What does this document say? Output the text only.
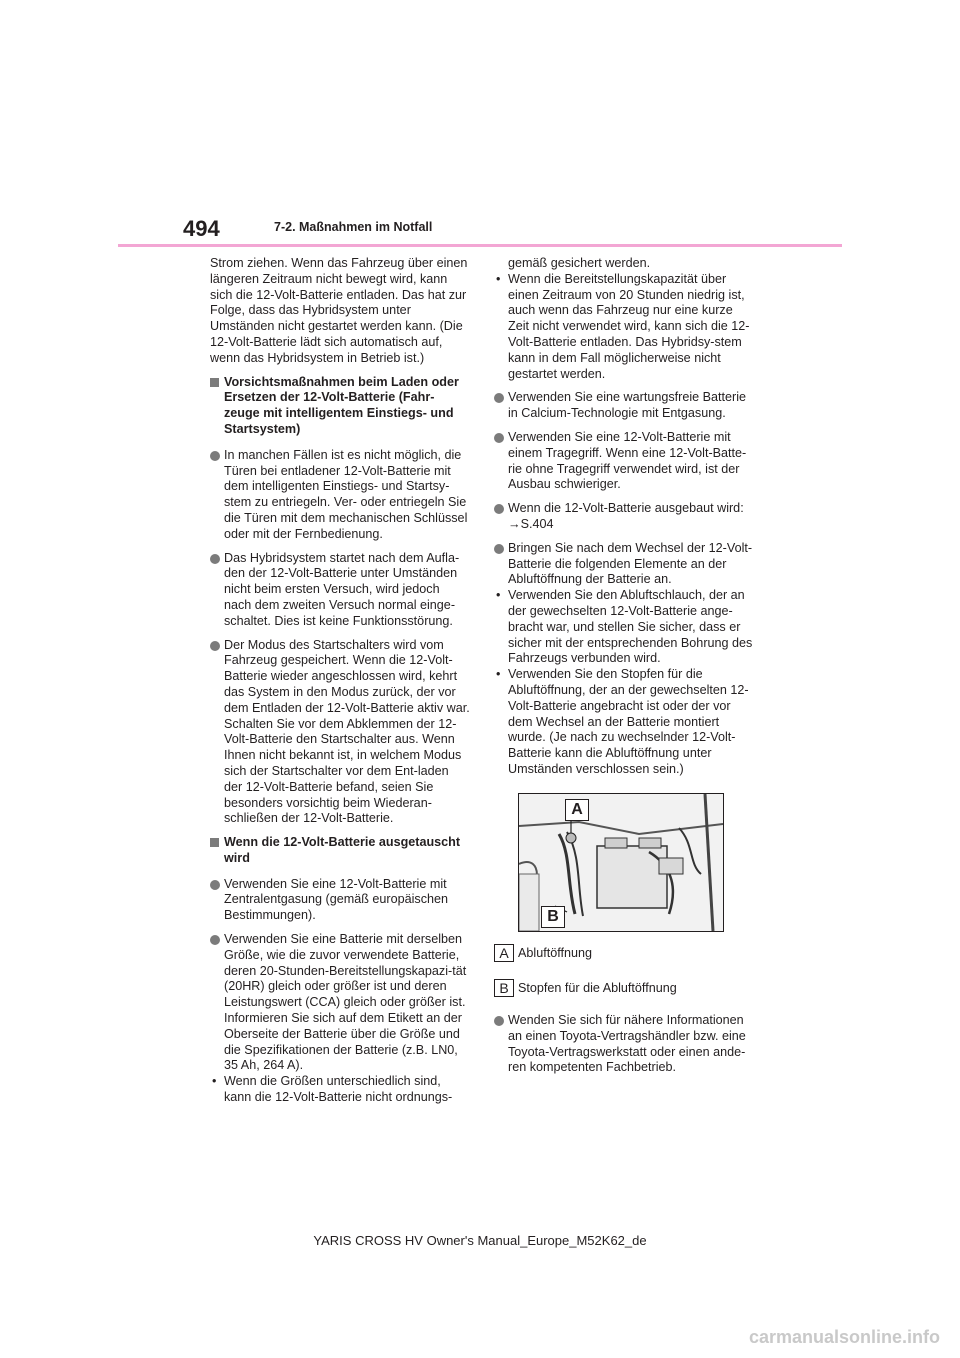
494	7-2. Maßnahmen im Notfall

Strom ziehen. Wenn das Fahrzeug über einen längeren Zeitraum nicht bewegt wird, kann sich die 12-Volt-Batterie entladen. Das hat zur Folge, dass das Hybridsystem unter Umständen nicht gestartet werden kann. (Die 12-Volt-Batterie lädt sich automatisch auf, wenn das Hybridsystem in Betrieb ist.)

Vorsichtsmaßnahmen beim Laden oder Ersetzen der 12-Volt-Batterie (Fahr-zeuge mit intelligentem Einstiegs- und Startsystem)
In manchen Fällen ist es nicht möglich, die Türen bei entladener 12-Volt-Batterie mit dem intelligenten Einstiegs- und Startsy-stem zu entriegeln. Ver- oder entriegeln Sie die Türen mit dem mechanischen Schlüssel oder mit der Fernbedienung.
Das Hybridsystem startet nach dem Aufla-den der 12-Volt-Batterie unter Umständen nicht beim ersten Versuch, wird jedoch nach dem zweiten Versuch normal einge-schaltet. Dies ist keine Funktionsstörung.
Der Modus des Startschalters wird vom Fahrzeug gespeichert. Wenn die 12-Volt-Batterie wieder angeschlossen wird, kehrt das System in den Modus zurück, der vor dem Entladen der 12-Volt-Batterie aktiv war. Schalten Sie vor dem Abklemmen der 12-Volt-Batterie den Startschalter aus. Wenn Ihnen nicht bekannt ist, in welchem Modus sich der Startschalter vor dem Ent-laden der 12-Volt-Batterie befand, seien Sie besonders vorsichtig beim Wiederan-schließen der 12-Volt-Batterie.
Wenn die 12-Volt-Batterie ausgetauscht wird
Verwenden Sie eine 12-Volt-Batterie mit Zentralentgasung (gemäß europäischen Bestimmungen).
Verwenden Sie eine Batterie mit derselben Größe, wie die zuvor verwendete Batterie, deren 20-Stunden-Bereitstellungskapazi-tät (20HR) gleich oder größer ist und deren Leistungswert (CCA) gleich oder größer ist. Informieren Sie sich auf dem Etikett an der Oberseite der Batterie über die Größe und die Spezifikationen der Batterie (z.B. LN0, 35 Ah, 264 A).
• Wenn die Größen unterschiedlich sind, kann die 12-Volt-Batterie nicht ordnungs-

gemäß gesichert werden.

• Wenn die Bereitstellungskapazität über einen Zeitraum von 20 Stunden niedrig ist, auch wenn das Fahrzeug nur eine kurze Zeit nicht verwendet wird, kann sich die 12-Volt-Batterie entladen. Das Hybridsy-stem kann in dem Fall möglicherweise nicht gestartet werden.
Verwenden Sie eine wartungsfreie Batterie in Calcium-Technologie mit Entgasung.
Verwenden Sie eine 12-Volt-Batterie mit einem Tragegriff. Wenn eine 12-Volt-Batte-rie ohne Tragegriff verwendet wird, ist der Ausbau schwieriger.
Wenn die 12-Volt-Batterie ausgebaut wird:
→S.404
Bringen Sie nach dem Wechsel der 12-Volt-Batterie die folgenden Elemente an der Abluftöffnung der Batterie an.
• Verwenden Sie den Abluftschlauch, der an der gewechselten 12-Volt-Batterie ange-bracht war, und stellen Sie sicher, dass er sicher mit der entsprechenden Bohrung des Fahrzeugs verbunden wird.
• Verwenden Sie den Stopfen für die Abluftöffnung, der an der gewechselten 12-Volt-Batterie angebracht ist oder der vor dem Wechsel an der Batterie montiert wurde. (Je nach zu wechselnder 12-Volt-Batterie kann die Abluftöffnung unter Umständen verschlossen sein.)
A
B
A Abluftöffnung
B Stopfen für die Abluftöffnung
Wenden Sie sich für nähere Informationen an einen Toyota-Vertragshändler bzw. eine Toyota-Vertragswerkstatt oder einen ande-ren kompetenten Fachbetrieb.
YARIS CROSS HV Owner's Manual_Europe_M52K62_de
carmanualsonline.info
